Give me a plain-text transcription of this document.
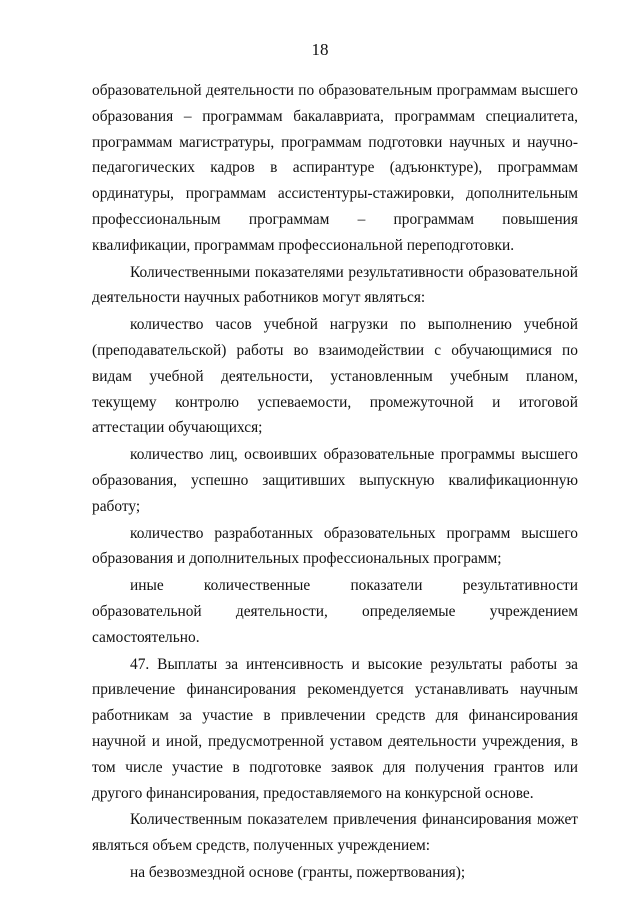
18

образовательной деятельности по образовательным программам высшего образования – программам бакалавриата, программам специалитета, программам магистратуры, программам подготовки научных и научно-педагогических кадров в аспирантуре (адъюнктуре), программам ординатуры, программам ассистентуры-стажировки, дополнительным профессиональным программам – программам повышения квалификации, программам профессиональной переподготовки.

Количественными показателями результативности образовательной деятельности научных работников могут являться:

количество часов учебной нагрузки по выполнению учебной (преподавательской) работы во взаимодействии с обучающимися по видам учебной деятельности, установленным учебным планом, текущему контролю успеваемости, промежуточной и итоговой аттестации обучающихся;

количество лиц, освоивших образовательные программы высшего образования, успешно защитивших выпускную квалификационную работу;

количество разработанных образовательных программ высшего образования и дополнительных профессиональных программ;

иные количественные показатели результативности образовательной деятельности, определяемые учреждением самостоятельно.

47. Выплаты за интенсивность и высокие результаты работы за привлечение финансирования рекомендуется устанавливать научным работникам за участие в привлечении средств для финансирования научной и иной, предусмотренной уставом деятельности учреждения, в том числе участие в подготовке заявок для получения грантов или другого финансирования, предоставляемого на конкурсной основе.

Количественным показателем привлечения финансирования может являться объем средств, полученных учреждением:

на безвозмездной основе (гранты, пожертвования);
